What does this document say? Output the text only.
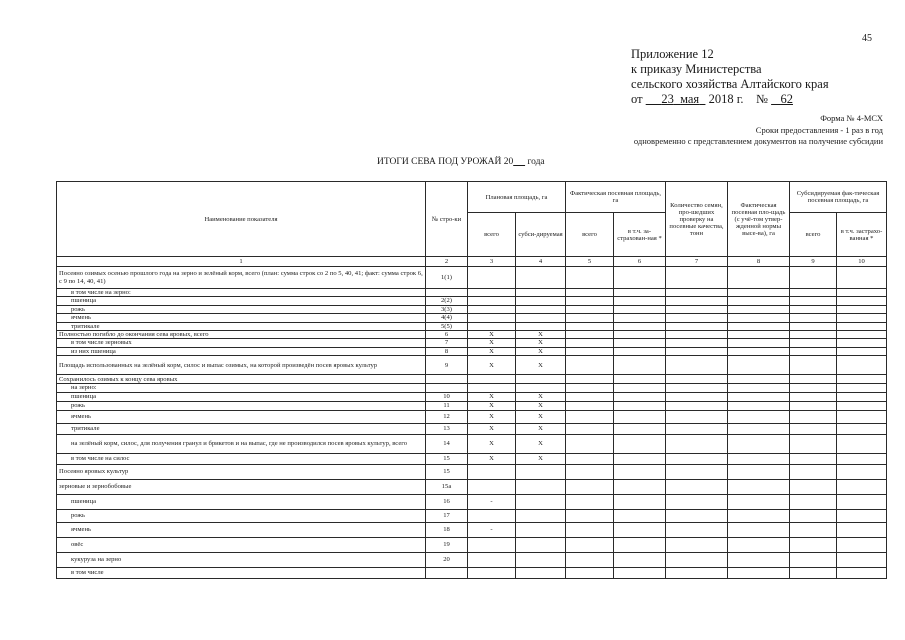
45
Приложение 12
к приказу Министерства
сельского хозяйства Алтайского края
от 23 мая 2018 г. № 62
Форма № 4-МСХ
Сроки предоставления - 1 раз в год
одновременно с представлением документов на получение субсидии
ИТОГИ СЕВА ПОД УРОЖАЙ 20 года
Наименование показателя	№ стро-ки	Плановая площадь, га		Фактическая посевная площадь, га		Количество семян, про-шедших проверку на посевные качества, тонн	Фактическая посевная пло-щадь (с учё-том утвер-жденной нормы высе-ва), га	Субсидируемая фак-тическая посевная площадь, га	
		всего	субси-дируемая	всего	в т.ч. за-страхован-ная *			всего	в т.ч. застрахо-ванная *
1	2	3	4	5	6	7	8	9	10
Посеяно озимых осенью прошлого года на зерно и зелёный корм, всего (план: сумма строк со 2 по 5, 40, 41; факт: сумма строк 6, с 9 по 14, 40, 41)	1(1)								
в том числе на зерно:									
пшеница	2(2)								
рожь	3(3)								
ячмень	4(4)								
тритикале	5(5)								
Полностью погибло до окончания сева яровых, всего	6	X	X						
в том числе зерновых	7	X	X						
из них пшеница	8	X	X						
Площадь использованных на зелёный корм, силос и выпас озимых, на которой произведён посев яровых культур	9	X	X						
Сохранилось озимых к концу сева яровых									
на зерно:									
пшеница	10	X	X						
рожь	11	X	X						
ячмень	12	X	X						
тритикале	13	X	X						
на зелёный корм, силос, для получения гранул и брикетов и на выпас, где не производился посев яровых культур, всего	14	X	X						
в том числе на силос	15	X	X						
Посеяно яровых культур	15								
зерновые и зернобобовые	15а								
пшеница	16	-							
рожь	17								
ячмень	18	-							
овёс	19								
кукуруза на зерно	20								
в том числе									
